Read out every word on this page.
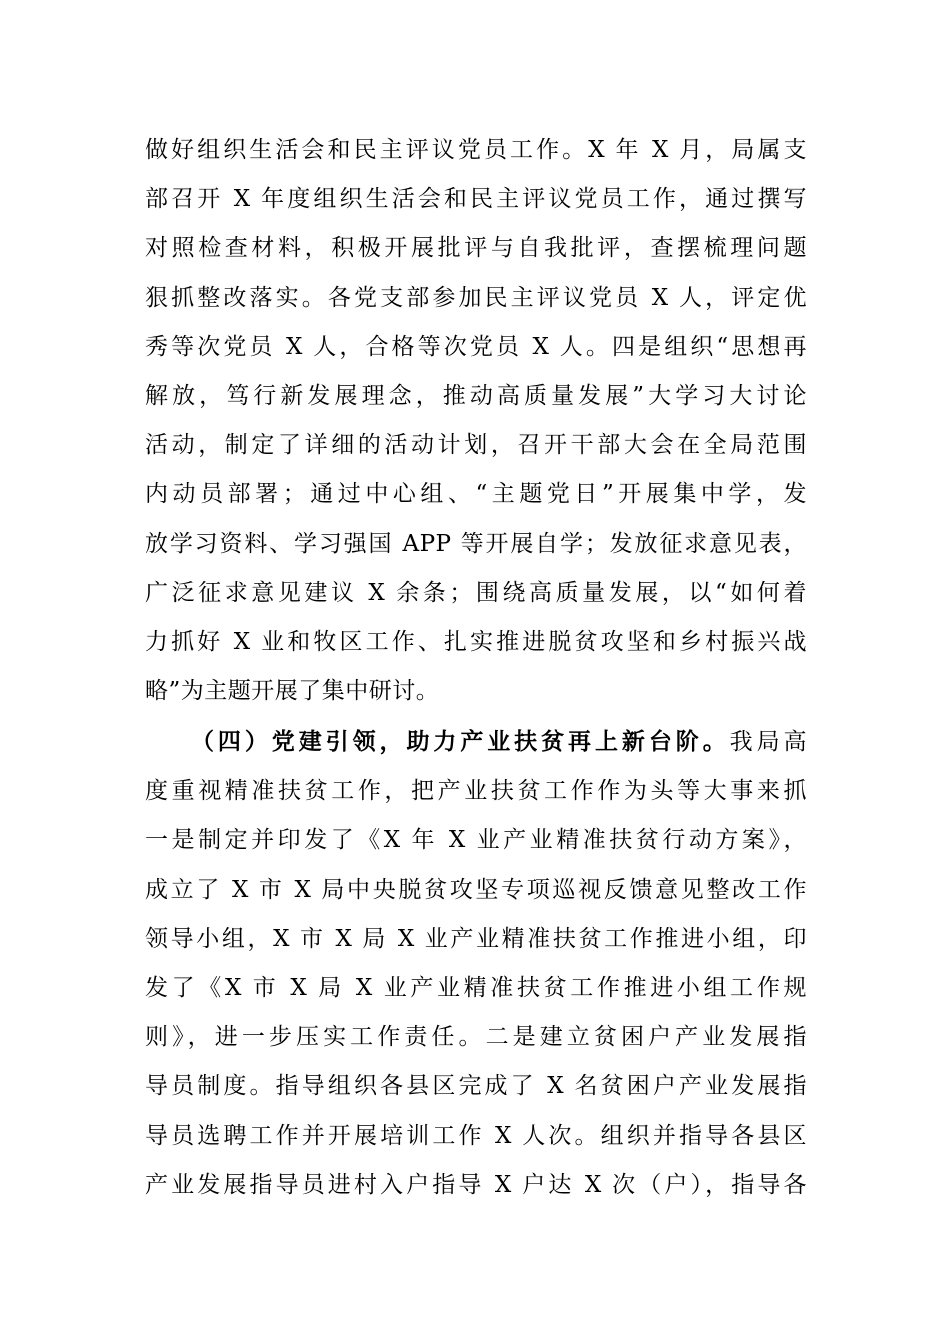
做好组织生活会和民主评议党员工作。X 年 X 月，局属支
部召开 X 年度组织生活会和民主评议党员工作，通过撰写
对照检查材料，积极开展批评与自我批评，查摆梳理问题
狠抓整改落实。各党支部参加民主评议党员 X 人，评定优
秀等次党员 X 人，合格等次党员 X 人。四是组织“思想再
解放，笃行新发展理念，推动高质量发展”大学习大讨论
活动，制定了详细的活动计划，召开干部大会在全局范围
内动员部署；通过中心组、“主题党日”开展集中学，发
放学习资料、学习强国 APP 等开展自学；发放征求意见表，
广泛征求意见建议 X 余条；围绕高质量发展，以“如何着
力抓好 X 业和牧区工作、扎实推进脱贫攻坚和乡村振兴战
略”为主题开展了集中研讨。
（四）党建引领，助力产业扶贫再上新台阶。我局高
度重视精准扶贫工作，把产业扶贫工作作为头等大事来抓
一是制定并印发了《X 年 X 业产业精准扶贫行动方案》，
成立了 X 市 X 局中央脱贫攻坚专项巡视反馈意见整改工作
领导小组，X 市 X 局 X 业产业精准扶贫工作推进小组，印
发了《X 市 X 局 X 业产业精准扶贫工作推进小组工作规
则》，进一步压实工作责任。二是建立贫困户产业发展指
导员制度。指导组织各县区完成了 X 名贫困户产业发展指
导员选聘工作并开展培训工作 X 人次。组织并指导各县区
产业发展指导员进村入户指导 X 户达 X 次（户），指导各
